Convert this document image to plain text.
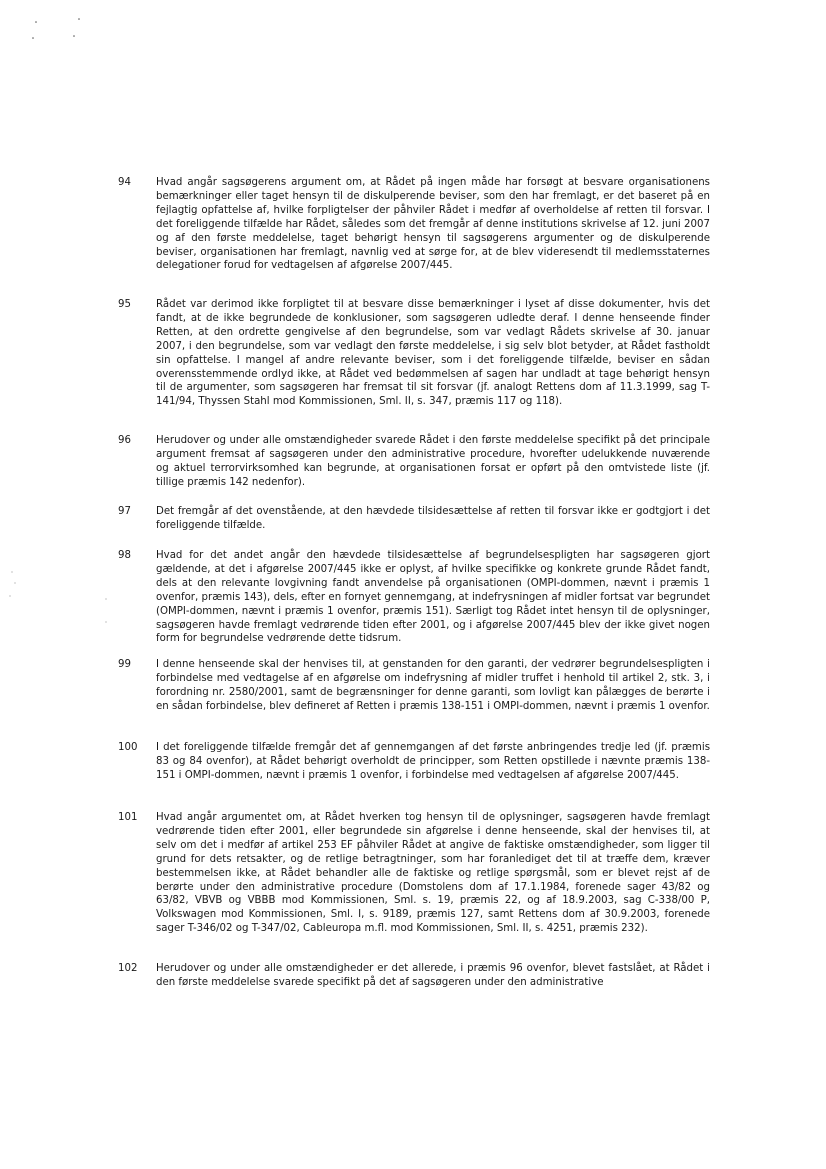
94	Hvad angår sagsøgerens argument om, at Rådet på ingen måde har forsøgt at besvare organisationens bemærkninger eller taget hensyn til de diskulperende beviser, som den har fremlagt, er det baseret på en fejlagtig opfattelse af, hvilke forpligtelser der påhviler Rådet i medfør af overholdelse af retten til forsvar. I det foreliggende tilfælde har Rådet, således som det fremgår af denne institutions skrivelse af 12. juni 2007 og af den første meddelelse, taget behørigt hensyn til sagsøgerens argumenter og de diskulperende beviser, organisationen har fremlagt, navnlig ved at sørge for, at de blev videresendt til medlemsstaternes delegationer forud for vedtagelsen af afgørelse 2007/445.
95	Rådet var derimod ikke forpligtet til at besvare disse bemærkninger i lyset af disse dokumenter, hvis det fandt, at de ikke begrundede de konklusioner, som sagsøgeren udledte deraf. I denne henseende finder Retten, at den ordrette gengivelse af den begrundelse, som var vedlagt Rådets skrivelse af 30. januar 2007, i den begrundelse, som var vedlagt den første meddelelse, i sig selv blot betyder, at Rådet fastholdt sin opfattelse. I mangel af andre relevante beviser, som i det foreliggende tilfælde, beviser en sådan overensstemmende ordlyd ikke, at Rådet ved bedømmelsen af sagen har undladt at tage behørigt hensyn til de argumenter, som sagsøgeren har fremsat til sit forsvar (jf. analogt Rettens dom af 11.3.1999, sag T-141/94, Thyssen Stahl mod Kommissionen, Sml. II, s. 347, præmis 117 og 118).
96	Herudover og under alle omstændigheder svarede Rådet i den første meddelelse specifikt på det principale argument fremsat af sagsøgeren under den administrative procedure, hvorefter udelukkende nuværende og aktuel terrorvirksomhed kan begrunde, at organisationen forsat er opført på den omtvistede liste (jf. tillige præmis 142 nedenfor).
97	Det fremgår af det ovenstående, at den hævdede tilsidesættelse af retten til forsvar ikke er godtgjort i det foreliggende tilfælde.
98	Hvad for det andet angår den hævdede tilsidesættelse af begrundelsespligten har sagsøgeren gjort gældende, at det i afgørelse 2007/445 ikke er oplyst, af hvilke specifikke og konkrete grunde Rådet fandt, dels at den relevante lovgivning fandt anvendelse på organisationen (OMPI-dommen, nævnt i præmis 1 ovenfor, præmis 143), dels, efter en fornyet gennemgang, at indefrysningen af midler fortsat var begrundet (OMPI-dommen, nævnt i præmis 1 ovenfor, præmis 151). Særligt tog Rådet intet hensyn til de oplysninger, sagsøgeren havde fremlagt vedrørende tiden efter 2001, og i afgørelse 2007/445 blev der ikke givet nogen form for begrundelse vedrørende dette tidsrum.
99	I denne henseende skal der henvises til, at genstanden for den garanti, der vedrører begrundelsespligten i forbindelse med vedtagelse af en afgørelse om indefrysning af midler truffet i henhold til artikel 2, stk. 3, i forordning nr. 2580/2001, samt de begrænsninger for denne garanti, som lovligt kan pålægges de berørte i en sådan forbindelse, blev defineret af Retten i præmis 138-151 i OMPI-dommen, nævnt i præmis 1 ovenfor.
100	I det foreliggende tilfælde fremgår det af gennemgangen af det første anbringendes tredje led (jf. præmis 83 og 84 ovenfor), at Rådet behørigt overholdt de principper, som Retten opstillede i nævnte præmis 138-151 i OMPI-dommen, nævnt i præmis 1 ovenfor, i forbindelse med vedtagelsen af afgørelse 2007/445.
101	Hvad angår argumentet om, at Rådet hverken tog hensyn til de oplysninger, sagsøgeren havde fremlagt vedrørende tiden efter 2001, eller begrundede sin afgørelse i denne henseende, skal der henvises til, at selv om det i medfør af artikel 253 EF påhviler Rådet at angive de faktiske omstændigheder, som ligger til grund for dets retsakter, og de retlige betragtninger, som har foranlediget det til at træffe dem, kræver bestemmelsen ikke, at Rådet behandler alle de faktiske og retlige spørgsmål, som er blevet rejst af de berørte under den administrative procedure (Domstolens dom af 17.1.1984, forenede sager 43/82 og 63/82, VBVB og VBBB mod Kommissionen, Sml. s. 19, præmis 22, og af 18.9.2003, sag C-338/00 P, Volkswagen mod Kommissionen, Sml. I, s. 9189, præmis 127, samt Rettens dom af 30.9.2003, forenede sager T-346/02 og T-347/02, Cableuropa m.fl. mod Kommissionen, Sml. II, s. 4251, præmis 232).
102	Herudover og under alle omstændigheder er det allerede, i præmis 96 ovenfor, blevet fastslået, at Rådet i den første meddelelse svarede specifikt på det af sagsøgeren under den administrative
